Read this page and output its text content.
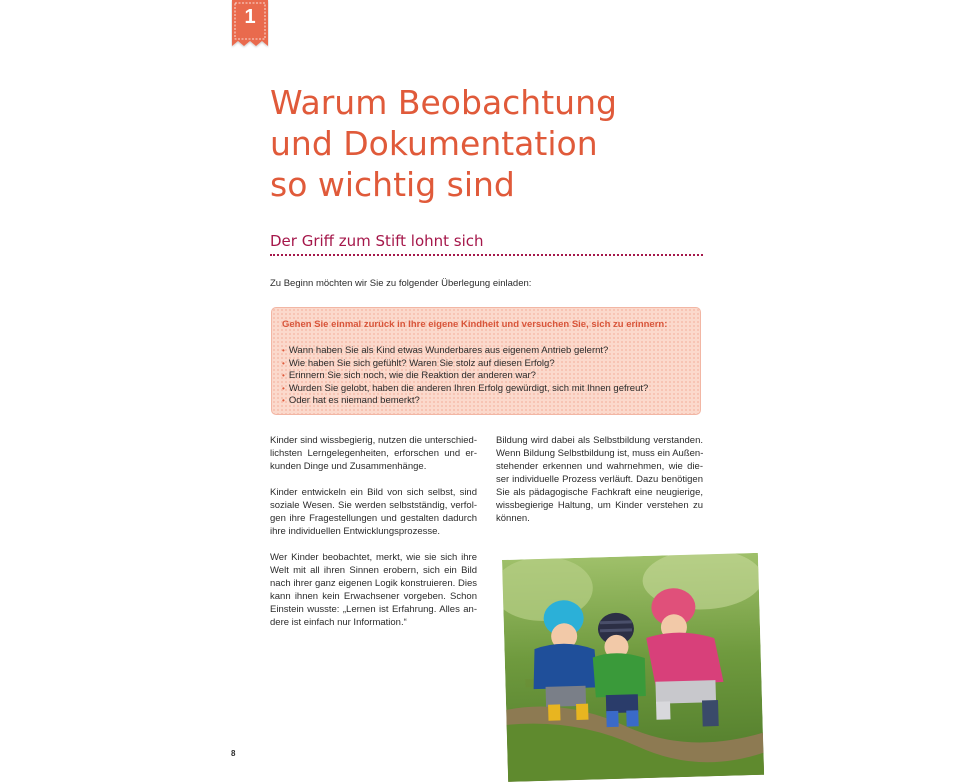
1
Warum Beobachtung
und Dokumentation
so wichtig sind
Der Griff zum Stift lohnt sich
Zu Beginn möchten wir Sie zu folgender Überlegung einladen:
Gehen Sie einmal zurück in Ihre eigene Kindheit und versuchen Sie, sich zu erinnern:
• Wann haben Sie als Kind etwas Wunderbares aus eigenem Antrieb gelernt?
• Wie haben Sie sich gefühlt? Waren Sie stolz auf diesen Erfolg?
• Erinnern Sie sich noch, wie die Reaktion der anderen war?
• Wurden Sie gelobt, haben die anderen Ihren Erfolg gewürdigt, sich mit Ihnen gefreut?
• Oder hat es niemand bemerkt?

Kinder sind wissbegierig, nutzen die unterschied-
lichsten Lerngelegenheiten, erforschen und er-
kunden Dinge und Zusammenhänge.

Kinder entwickeln ein Bild von sich selbst, sind
soziale Wesen. Sie werden selbstständig, verfol-
gen ihre Fragestellungen und gestalten dadurch
ihre individuellen Entwicklungsprozesse.

Wer Kinder beobachtet, merkt, wie sie sich ihre
Welt mit all ihren Sinnen erobern, sich ein Bild
nach ihrer ganz eigenen Logik konstruieren. Dies
kann ihnen kein Erwachsener vorgeben. Schon
Einstein wusste: „Lernen ist Erfahrung. Alles an-
dere ist einfach nur Information.“

Bildung wird dabei als Selbstbildung verstanden.
Wenn Bildung Selbstbildung ist, muss ein Außen-
stehender erkennen und wahrnehmen, wie die-
ser individuelle Prozess verläuft. Dazu benötigen
Sie als pädagogische Fachkraft eine neugierige,
wissbegierige Haltung, um Kinder verstehen zu
können.

8
